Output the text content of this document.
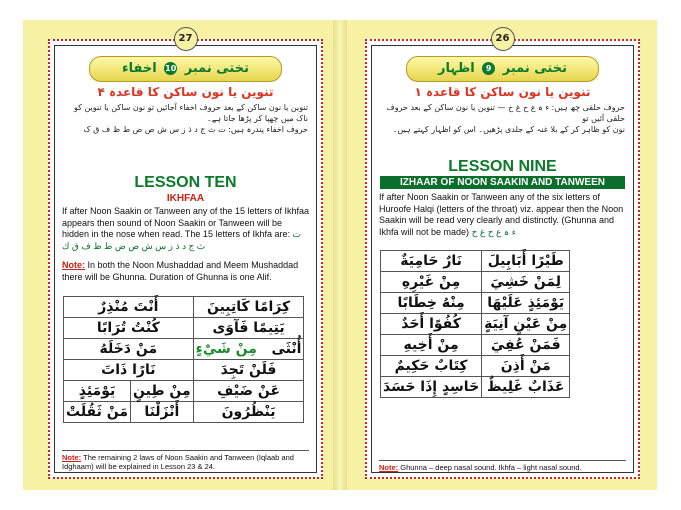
27
تختی نمبر 10 اخفاء
تنوین یا نون ساکن کا قاعدہ ۴
تنوین یا نون ساکن کے بعد حروف اخفاء آجائیں تو نون ساکن یا تنوین کو ناک میں چھپا کر پڑھا جاتا ہے۔
حروف اخفاء پندرہ ہیں: ت ث ج د ذ ز س ش ص ض ط ظ ف ق ک
LESSON TEN
IKHFAA
If after Noon Saakin or Tanween any of the 15 letters of Ikhfaa appears then sound of Noon Saakin or Tanween will be hidden in the nose when read. The 15 letters of Ikhfa are: ت ث ج د ذ ز س ش ص ض ط ظ ف ق ك
Note: In both the Noon Mushaddad and Meem Mushaddad there will be Ghunna. Duration of Ghunna is one Alif.
أَنْتَ مُنْذِرٌ		كِرَامًا كَاتِبِينَ
كُنْتُ تُرَابًا		يَتِيمًا فَآوَى
مَنْ دَخَلَهُ		أُنْثَى   مِنْ شَيْءٍ
نَارًا ذَاتَ		فَلَنْ تَجِدَ
يَوْمَئِذٍ	مِنْ طِينٍ	عَنْ ضَيْفِ
مَنْ ثَقُلَتْ	أَنْزَلْنَا	يَنْظُرُونَ
Note: The remaining 2 laws of Noon Saakin and Tanween (Iqlaab and Idghaam) will be explained in Lesson 23 & 24.
26
تختی نمبر 9 اظہار
تنوین یا نون ساکن کا قاعدہ ۱
حروف حلقی چھ ہیں: ء ہ ع ح غ خ — تنوین یا نون ساکن کے بعد حروف حلقی آئیں تو
نون کو ظاہر کر کے بلا غنہ کے جلدی پڑھیں۔ اس کو اظہار کہتے ہیں۔
LESSON NINE
IZHAAR OF NOON SAAKIN AND TANWEEN
If after Noon Saakin or Tanween any of the six letters of Huroofe Halqi (letters of the throat) viz. appear then the Noon Saakin will be read very clearly and distinctly. (Ghunna and Ikhfa will not be made) ء ہ ع ح غ خ
نَارٌ حَامِيَةٌ	طَيْرًا أَبَابِيلَ
مِنْ غَيْرِهِ	لِمَنْ خَشِيَ
مِنْهُ خِطَابًا	يَوْمَئِذٍ عَلَيْهَا
كُفُوًا أَحَدٌ	مِنْ عَيْنٍ آنِيَةٍ
مِنْ أَخِيهِ	فَمَنْ عُفِيَ
كِتَابٌ حَكِيمٌ	مَنْ أَذِنَ
حَاسِدٍ إِذَا حَسَدَ	عَذَابٌ غَلِيظٌ
Note: Ghunna – deep nasal sound. Ikhfa – light nasal sound.
